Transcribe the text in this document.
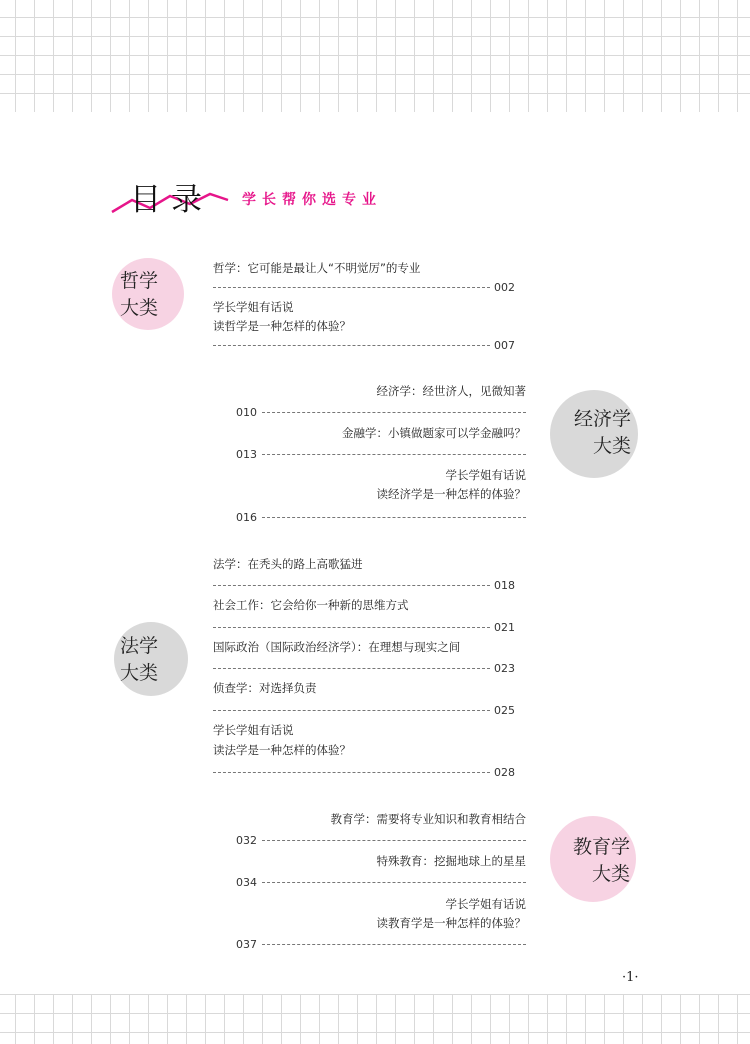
目录 学长帮你选专业
哲学
大类
哲学：它可能是最让人“不明觉厉”的专业
002
学长学姐有话说
读哲学是一种怎样的体验？
007
经济学
大类
经济学：经世济人，见微知著
010
金融学：小镇做题家可以学金融吗？
013
学长学姐有话说
读经济学是一种怎样的体验？
016
法学
大类
法学：在秃头的路上高歌猛进
018
社会工作：它会给你一种新的思维方式
021
国际政治（国际政治经济学）：在理想与现实之间
023
侦查学：对选择负责
025
学长学姐有话说
读法学是一种怎样的体验？
028
教育学
大类
教育学：需要将专业知识和教育相结合
032
特殊教育：挖掘地球上的星星
034
学长学姐有话说
读教育学是一种怎样的体验？
037
·1·
